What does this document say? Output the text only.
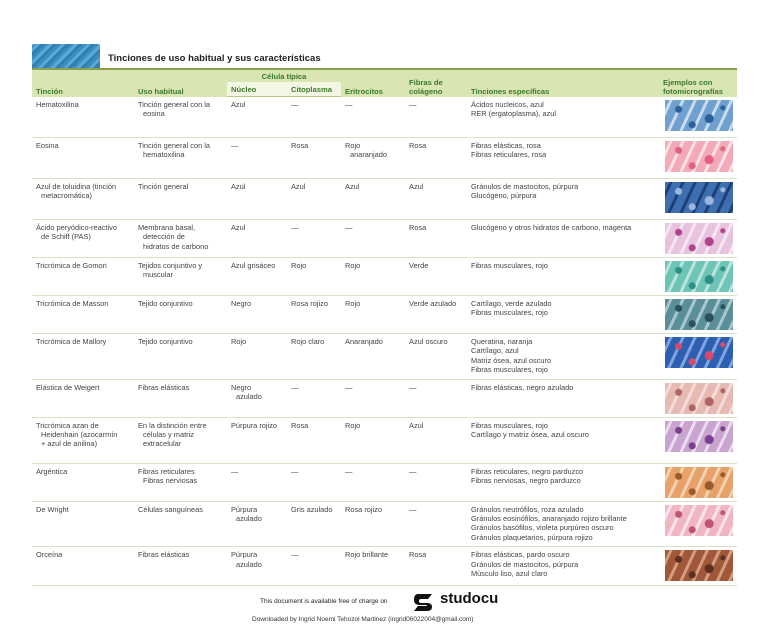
Tinciones de uso habitual y sus características
Tinción	Uso habitual	Célula típica		Eritrocitos	Fibras de colágeno	Tinciones específicas	Ejemplos con fotomicrografías
		Núcleo	Citoplasma				

Hematoxilina	Tinción general con la
eosina	Azul	—	—	—	Ácidos nucleicos, azul
RER (ergatoplasma), azul	

Eosina	Tinción general con la
hematoxilina	—	Rosa	Rojo
anaranjado	Rosa	Fibras elásticas, rosa
Fibras reticulares, rosa	

Azul de toluidina (tinción
metacromática)	Tinción general	Azul	Azul	Azul	Azul	Gránulos de mastocitos, púrpura
Glucógeno, púrpura	

Ácido peryódico-reactivo
de Schiff (PAS)	Membrana basal,
detección de
hidratos de carbono	Azul	—	—	Rosa	Glucógeno y otros hidratos de carbono, magenta	

Tricrómica de Gomori	Tejidos conjuntivo y
muscular	Azul grisáceo	Rojo	Rojo	Verde	Fibras musculares, rojo	

Tricrómica de Masson	Tejido conjuntivo	Negro	Rosa rojizo	Rojo	Verde azulado	Cartílago, verde azulado
Fibras musculares, rojo	

Tricrómica de Mallory	Tejido conjuntivo	Rojo	Rojo claro	Anaranjado	Azul oscuro	Queratina, naranja
Cartílago, azul
Matriz ósea, azul oscuro
Fibras musculares, rojo	

Elástica de Weigert	Fibras elásticas	Negro
azulado	—	—	—	Fibras elásticas, negro azulado	

Tricrómica azan de
Heidenhain (azocarmín
+ azul de anilina)	En la distinción entre
células y matriz
extracelular	Púrpura rojizo	Rosa	Rojo	Azul	Fibras musculares, rojo
Cartílago y matriz ósea, azul oscuro	

Argéntica	Fibras reticulares
Fibras nerviosas	—	—	—	—	Fibras reticulares, negro parduzco
Fibras nerviosas, negro parduzco	

De Wright	Células sanguíneas	Púrpura
azulado	Gris azulado	Rosa rojizo	—	Gránulos neutrófilos, roza azulado
Gránulos eosinófilos, anaranjado rojizo brillante
Gránulos basófilos, violeta purpúreo oscuro
Gránulos plaquetarios, púrpura rojizo	

Orceína	Fibras elásticas	Púrpura
azulado	—	Rojo brillante	Rosa	Fibras elásticas, pardo oscuro
Gránulos de mastocitos, púrpura
Músculo liso, azul claro	

This document is available free of charge on	studocu
Downloaded by Ingrid Noemi Tehozol Martinez (ingrid06022004@gmail.com)
